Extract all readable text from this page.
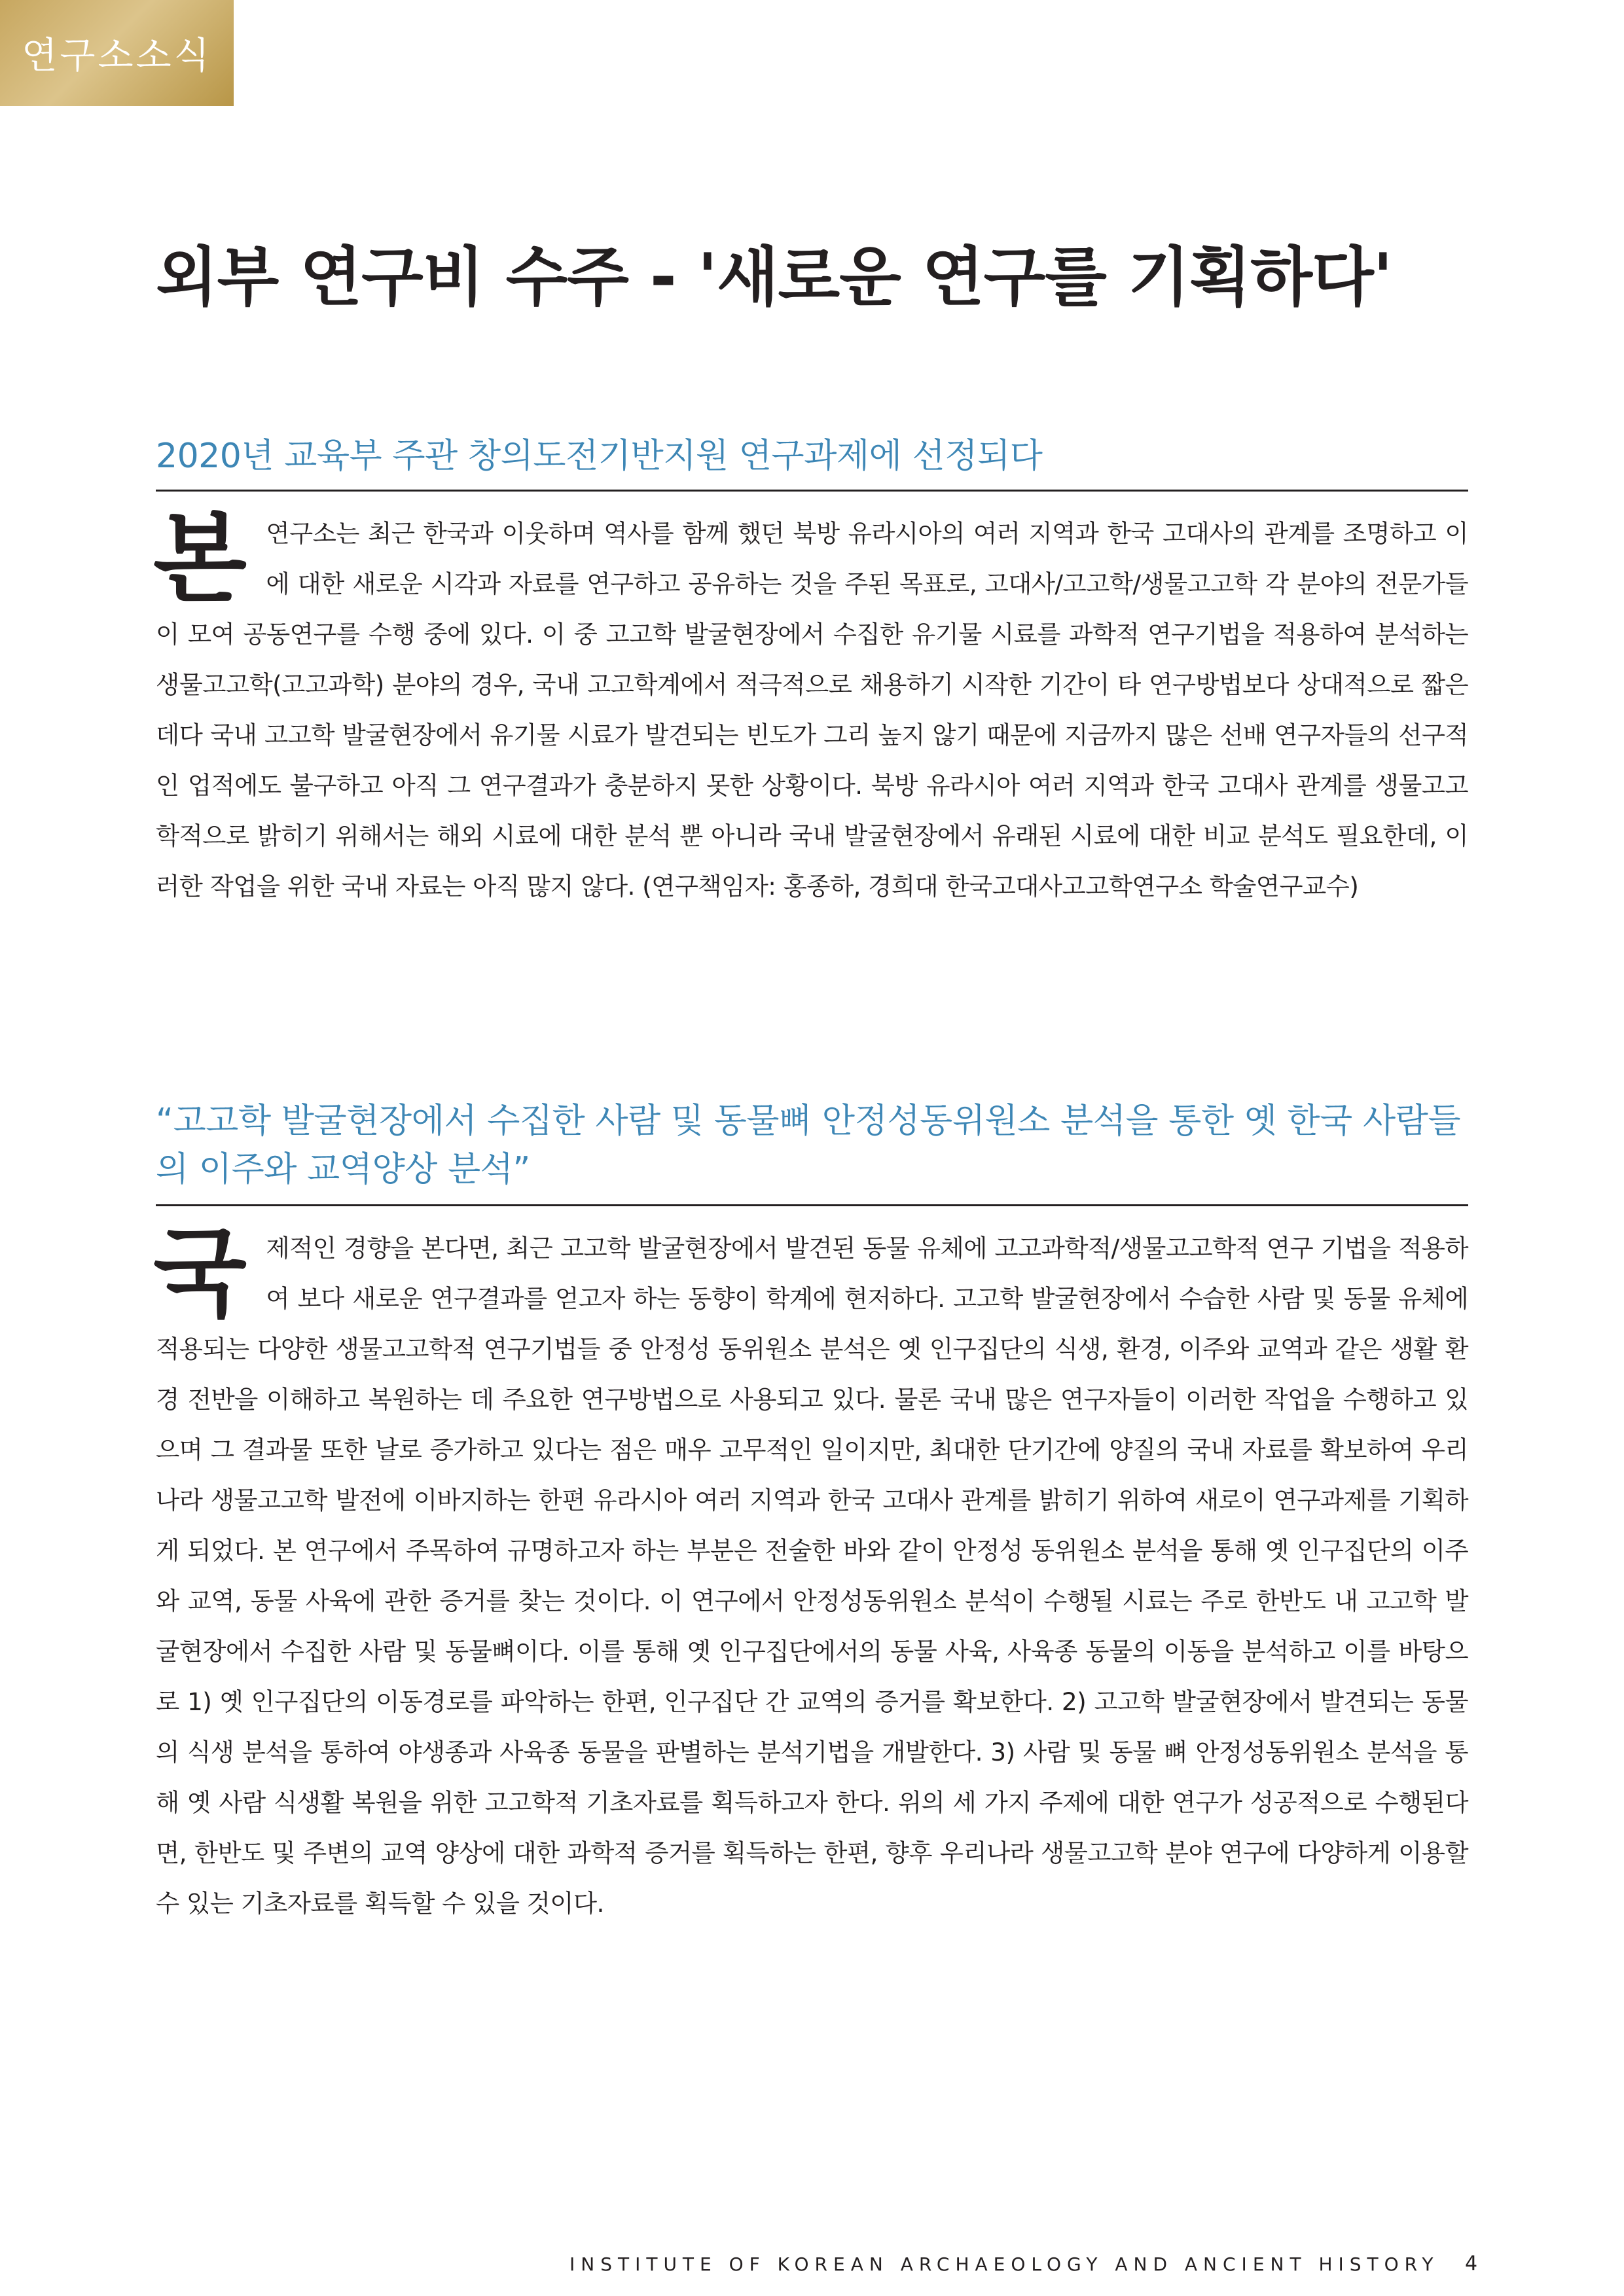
연구소소식
외부 연구비 수주 - '새로운 연구를 기획하다'
2020년 교육부 주관 창의도전기반지원 연구과제에 선정되다

본연구소는 최근 한국과 이웃하며 역사를 함께 했던 북방 유라시아의 여러 지역과 한국 고대사의 관계를 조명하고 이에 대한 새로운 시각과 자료를 연구하고 공유하는 것을 주된 목표로, 고대사/고고학/생물고고학 각 분야의 전문가들이 모여 공동연구를 수행 중에 있다. 이 중 고고학 발굴현장에서 수집한 유기물 시료를 과학적 연구기법을 적용하여 분석하는 생물고고학(고고과학) 분야의 경우, 국내 고고학계에서 적극적으로 채용하기 시작한 기간이 타 연구방법보다 상대적으로 짧은데다 국내 고고학 발굴현장에서 유기물 시료가 발견되는 빈도가 그리 높지 않기 때문에 지금까지 많은 선배 연구자들의 선구적인 업적에도 불구하고 아직 그 연구결과가 충분하지 못한 상황이다. 북방 유라시아 여러 지역과 한국 고대사 관계를 생물고고학적으로 밝히기 위해서는 해외 시료에 대한 분석 뿐 아니라 국내 발굴현장에서 유래된 시료에 대한 비교 분석도 필요한데, 이러한 작업을 위한 국내 자료는 아직 많지 않다. (연구책임자: 홍종하, 경희대 한국고대사고고학연구소 학술연구교수)

“고고학 발굴현장에서 수집한 사람 및 동물뼈 안정성동위원소 분석을 통한 옛 한국 사람들의 이주와 교역양상 분석”

국제적인 경향을 본다면, 최근 고고학 발굴현장에서 발견된 동물 유체에 고고과학적/생물고고학적 연구 기법을 적용하여 보다 새로운 연구결과를 얻고자 하는 동향이 학계에 현저하다. 고고학 발굴현장에서 수습한 사람 및 동물 유체에 적용되는 다양한 생물고고학적 연구기법들 중 안정성 동위원소 분석은 옛 인구집단의 식생, 환경, 이주와 교역과 같은 생활 환경 전반을 이해하고 복원하는 데 주요한 연구방법으로 사용되고 있다. 물론 국내 많은 연구자들이 이러한 작업을 수행하고 있으며 그 결과물 또한 날로 증가하고 있다는 점은 매우 고무적인 일이지만, 최대한 단기간에 양질의 국내 자료를 확보하여 우리나라 생물고고학 발전에 이바지하는 한편 유라시아 여러 지역과 한국 고대사 관계를 밝히기 위하여 새로이 연구과제를 기획하게 되었다. 본 연구에서 주목하여 규명하고자 하는 부분은 전술한 바와 같이 안정성 동위원소 분석을 통해 옛 인구집단의 이주와 교역, 동물 사육에 관한 증거를 찾는 것이다. 이 연구에서 안정성동위원소 분석이 수행될 시료는 주로 한반도 내 고고학 발굴현장에서 수집한 사람 및 동물뼈이다. 이를 통해 옛 인구집단에서의 동물 사육, 사육종 동물의 이동을 분석하고 이를 바탕으로 1) 옛 인구집단의 이동경로를 파악하는 한편, 인구집단 간 교역의 증거를 확보한다. 2) 고고학 발굴현장에서 발견되는 동물의 식생 분석을 통하여 야생종과 사육종 동물을 판별하는 분석기법을 개발한다. 3) 사람 및 동물 뼈 안정성동위원소 분석을 통해 옛 사람 식생활 복원을 위한 고고학적 기초자료를 획득하고자 한다. 위의 세 가지 주제에 대한 연구가 성공적으로 수행된다면, 한반도 및 주변의 교역 양상에 대한 과학적 증거를 획득하는 한편, 향후 우리나라 생물고고학 분야 연구에 다양하게 이용할 수 있는 기초자료를 획득할 수 있을 것이다.

INSTITUTE OF KOREAN ARCHAEOLOGY AND ANCIENT HISTORY	4
